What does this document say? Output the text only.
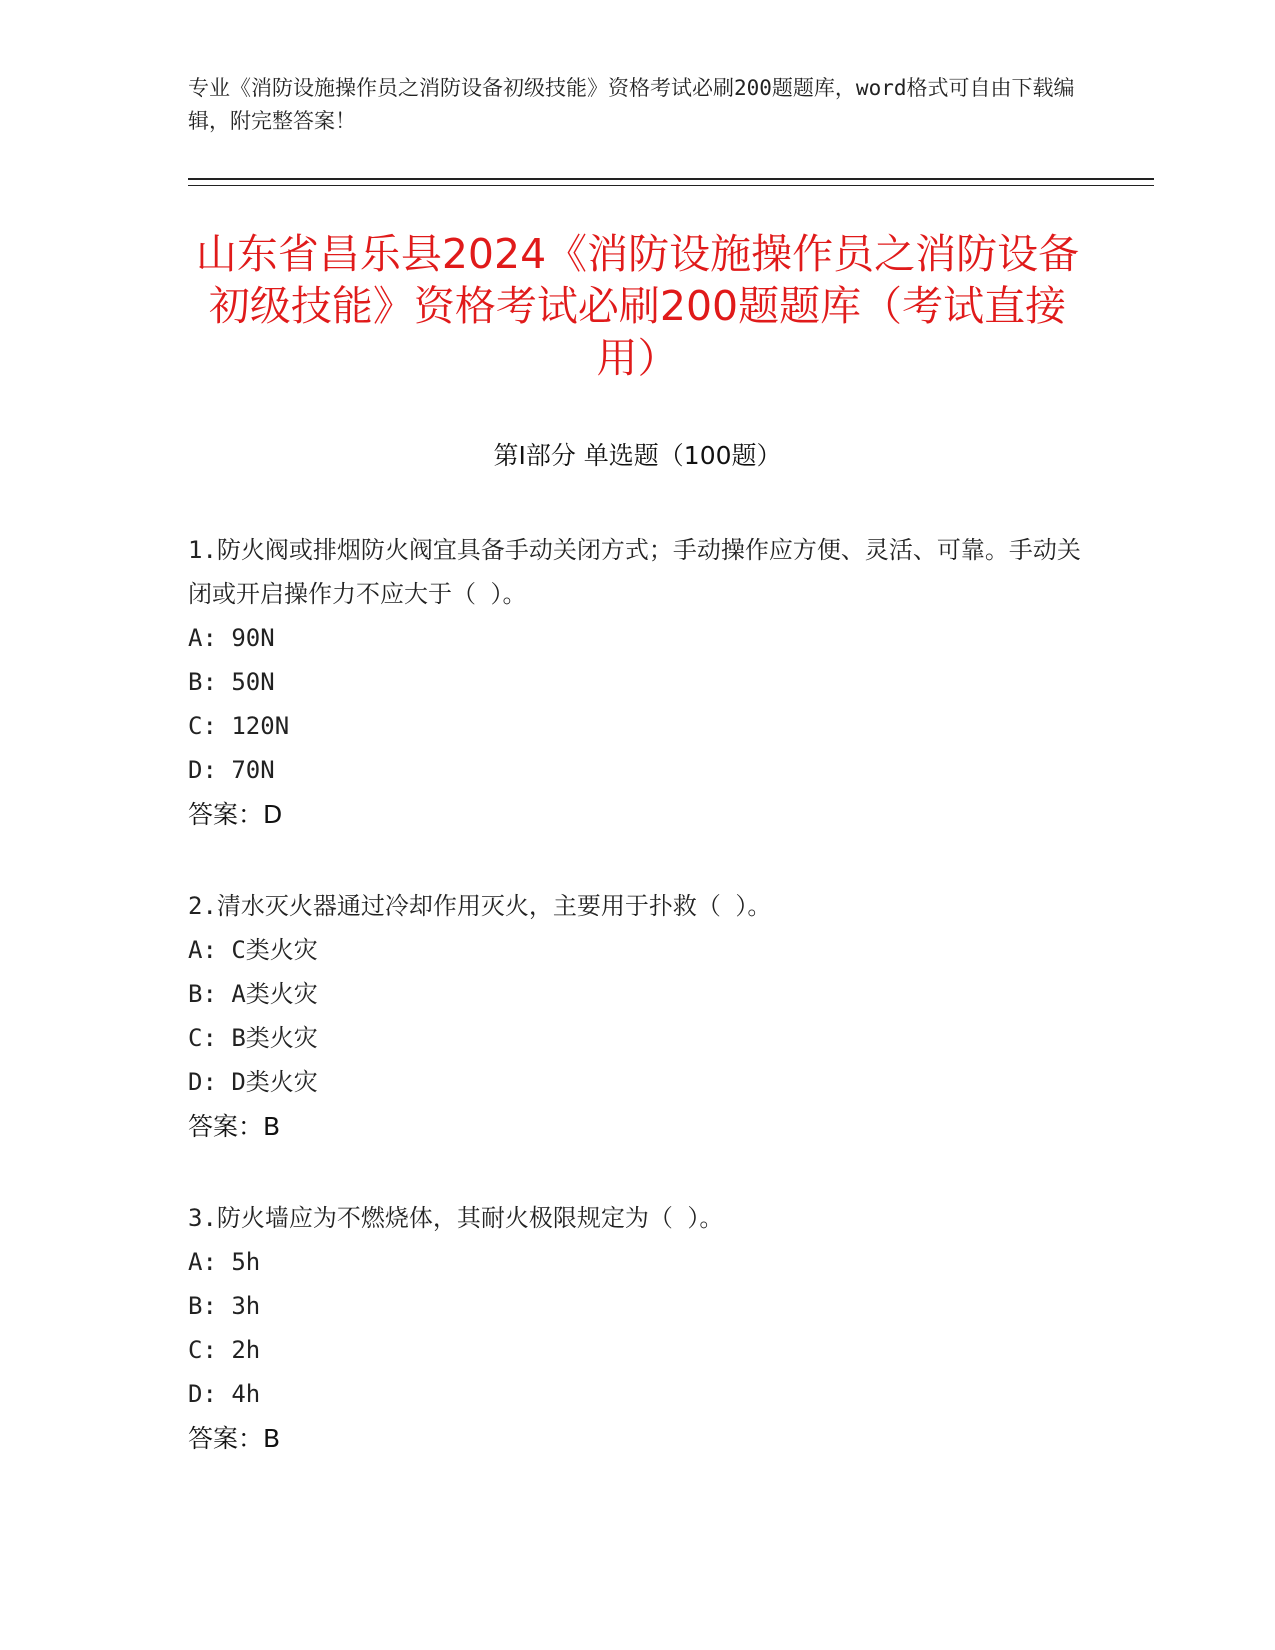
专业《消防设施操作员之消防设备初级技能》资格考试必刷200题题库，word格式可自由下载编辑，附完整答案！
山东省昌乐县2024《消防设施操作员之消防设备初级技能》资格考试必刷200题题库（考试直接用）
第Ⅰ部分 单选题（100题）
1.防火阀或排烟防火阀宜具备手动关闭方式；手动操作应方便、灵活、可靠。手动关闭或开启操作力不应大于（ ）。
A: 90N
B: 50N
C: 120N
D: 70N
答案：D
2.清水灭火器通过冷却作用灭火，主要用于扑救（ ）。
A: C类火灾
B: A类火灾
C: B类火灾
D: D类火灾
答案：B
3.防火墙应为不燃烧体，其耐火极限规定为（ ）。
A: 5h
B: 3h
C: 2h
D: 4h
答案：B
